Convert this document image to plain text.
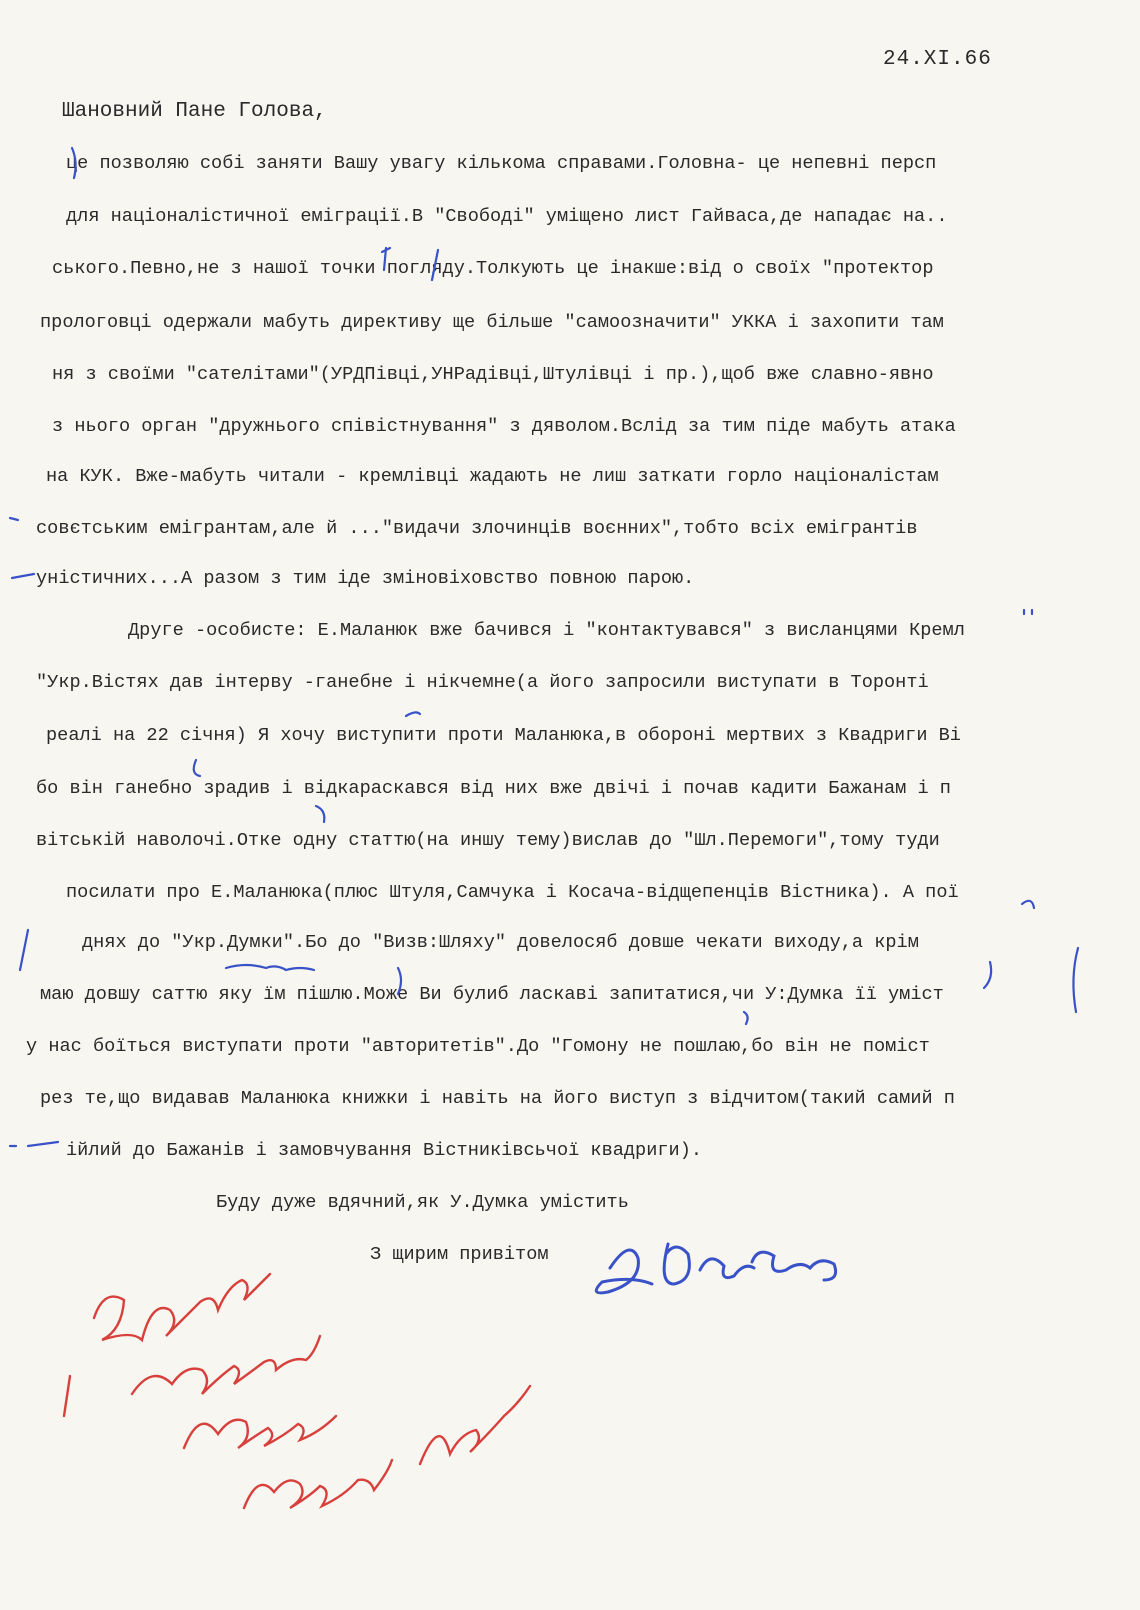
24.XI.66
Шановний Пане Голова,
це позволяю собі заняти Вашу увагу кількома справами.Головна- це непевні персп
для націоналістичної еміграції.В "Свободі" уміщено лист Гайваса,де нападає на..
ського.Певно,не з нашої точки погляду.Толкують це інакше:від о своїх "протектор
прологовці одержали мабуть директиву ще більше "самоозначити" УККА і захопити там
ня з своїми "сателітами"(УРДПівці,УНРадівці,Штулівці і пр.),щоб вже славно-явно
з нього орган "дружнього співістнування" з дяволом.Вслід за тим піде мабуть атака
на КУК. Вже-мабуть читали - кремлівці жадають не лиш заткати горло націоналістам
совєтським емігрантам,але й ..."видачи злочинців воєнних",тобто всіх емігрантів
уністичних...А разом з тим іде зміновіховство повною парою.
Друге -особисте: Е.Маланюк вже бачився і "контактувався" з висланцями Кремл
"Укр.Вістях дав інтерву -ганебне і нікчемне(а його запросили виступати в Торонті
реалі на 22 січня) Я хочу виступити проти Маланюка,в обороні мертвих з Квадриги Ві
бо він ганебно зрадив і відкараскався від них вже двічі і почав кадити Бажанам і п
вітській наволочі.Отке одну статтю(на иншу тему)вислав до "Шл.Перемоги",тому туди
посилати про Е.Маланюка(плюс Штуля,Самчука і Косача-відщепенців Вістника). А пої
днях до "Укр.Думки".Бо до "Визв:Шляху" довелосяб довше чекати виходу,а крім
маю довшу саттю яку їм пішлю.Може Ви булиб ласкаві запитатися,чи У:Думка її уміст
у нас боїться виступати проти "авторитетів".До "Гомону не пошлаю,бо він не поміст
рез те,що видавав Маланюка книжки і навіть на його виступ з відчитом(такий самий п
ійлий до Бажанів і замовчування Вістниківсьчої квадриги).
Буду дуже вдячний,як У.Думка умістить
З щирим привітом
